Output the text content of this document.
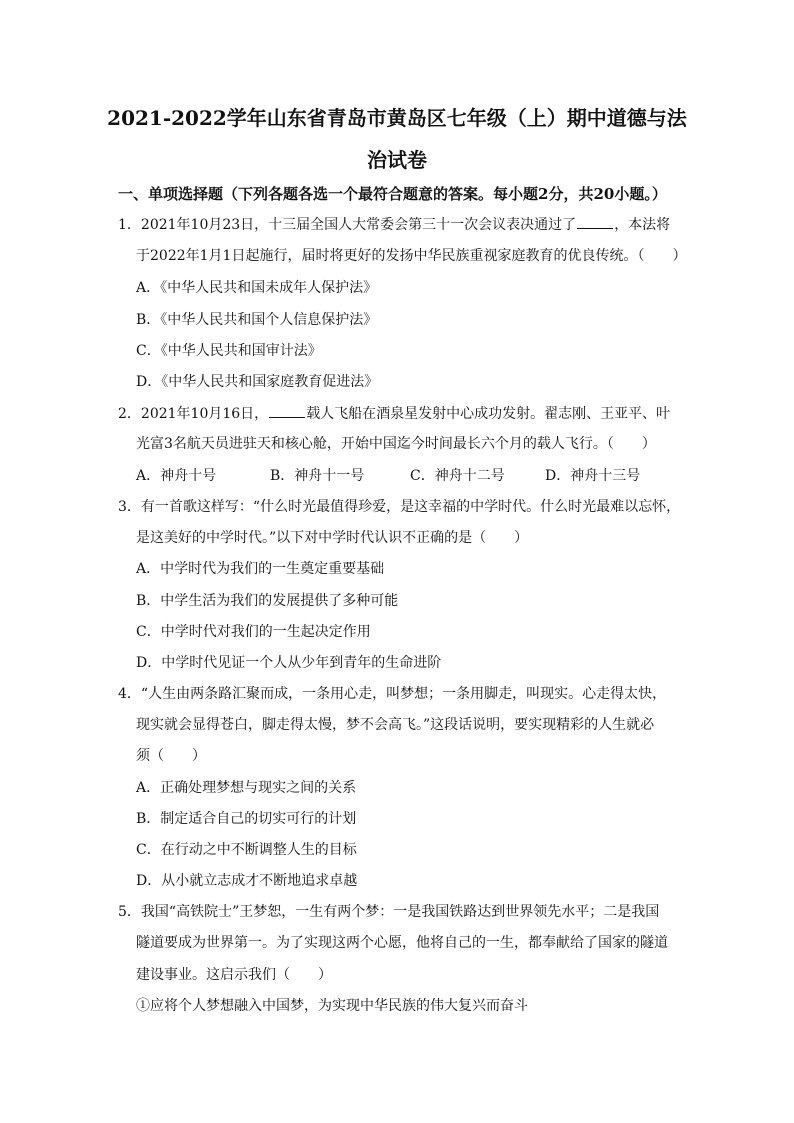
2021-2022学年山东省青岛市黄岛区七年级（上）期中道德与法
治试卷
一、单项选择题（下列各题各选一个最符合题意的答案。每小题2分，共20小题。）
1．2021年10月23日，十三届全国人大常委会第三十一次会议表决通过了	，本法将
于2022年1月1日起施行，届时将更好的发扬中华民族重视家庭教育的优良传统。（　　）
A．《中华人民共和国未成年人保护法》
B．《中华人民共和国个人信息保护法》
C．《中华人民共和国审计法》
D．《中华人民共和国家庭教育促进法》
2．2021年10月16日，	载人飞船在酒泉星发射中心成功发射。翟志刚、王亚平、叶
光富3名航天员进驻天和核心舱，开始中国迄今时间最长六个月的载人飞行。（　　）
A．神舟十号	B．神舟十一号	C．神舟十二号	D．神舟十三号
3．有一首歌这样写：“什么时光最值得珍爱，是这幸福的中学时代。什么时光最难以忘怀，
是这美好的中学时代。”以下对中学时代认识不正确的是（　　）
A．中学时代为我们的一生奠定重要基础
B．中学生活为我们的发展提供了多种可能
C．中学时代对我们的一生起决定作用
D．中学时代见证一个人从少年到青年的生命进阶
4．“人生由两条路汇聚而成，一条用心走，叫梦想；一条用脚走，叫现实。心走得太快，
现实就会显得苍白，脚走得太慢，梦不会高飞。”这段话说明，要实现精彩的人生就必
须（　　）
A．正确处理梦想与现实之间的关系
B．制定适合自己的切实可行的计划
C．在行动之中不断调整人生的目标
D．从小就立志成才不断地追求卓越
5．我国“高铁院士”王梦恕，一生有两个梦：一是我国铁路达到世界领先水平；二是我国
隧道要成为世界第一。为了实现这两个心愿，他将自己的一生，都奉献给了国家的隧道
建设事业。这启示我们（　　）
①应将个人梦想融入中国梦，为实现中华民族的伟大复兴而奋斗
